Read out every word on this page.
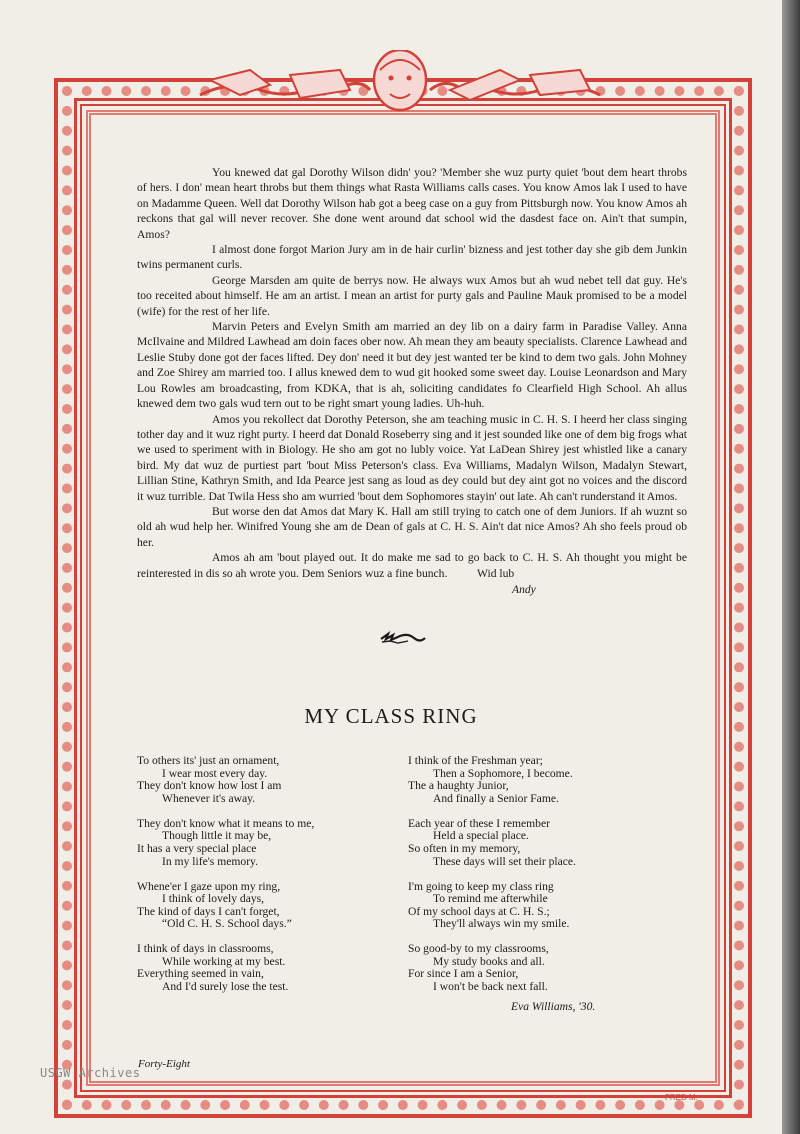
You knewed dat gal Dorothy Wilson didn' you? 'Member she wuz purty quiet 'bout dem heart throbs of hers. I don' mean heart throbs but them things what Rasta Williams calls cases. You know Amos lak I used to have on Madamme Queen. Well dat Dorothy Wilson hab got a beeg case on a guy from Pittsburgh now. You know Amos ah reckons that gal will never recover. She done went around dat school wid the dasdest face on. Ain't that sumpin, Amos?

I almost done forgot Marion Jury am in de hair curlin' bizness and jest tother day she gib dem Junkin twins permanent curls.

George Marsden am quite de berrys now. He always wux Amos but ah wud nebet tell dat guy. He's too receited about himself. He am an artist. I mean an artist for purty gals and Pauline Mauk promised to be a model (wife) for the rest of her life.

Marvin Peters and Evelyn Smith am married an dey lib on a dairy farm in Paradise Valley. Anna McIlvaine and Mildred Lawhead am doin faces ober now. Ah mean they am beauty specialists. Clarence Lawhead and Leslie Stuby done got der faces lifted. Dey don' need it but dey jest wanted ter be kind to dem two gals. John Mohney and Zoe Shirey am married too. I allus knewed dem to wud git hooked some sweet day. Louise Leonardson and Mary Lou Rowles am broadcasting, from KDKA, that is ah, soliciting candidates fo Clearfield High School. Ah allus knewed dem two gals wud tern out to be right smart young ladies. Uh-huh.

Amos you rekollect dat Dorothy Peterson, she am teaching music in C. H. S. I heerd her class singing tother day and it wuz right purty. I heerd dat Donald Roseberry sing and it jest sounded like one of dem big frogs what we used to speriment with in Biology. He sho am got no lubly voice. Yat LaDean Shirey jest whistled like a canary bird. My dat wuz de purtiest part 'bout Miss Peterson's class. Eva Williams, Madalyn Wilson, Madalyn Stewart, Lillian Stine, Kathryn Smith, and Ida Pearce jest sang as loud as dey could but dey aint got no voices and the discord it wuz turrible. Dat Twila Hess sho am wurried 'bout dem Sophomores stayin' out late. Ah can't runderstand it Amos.

But worse den dat Amos dat Mary K. Hall am still trying to catch one of dem Juniors. If ah wuznt so old ah wud help her. Winifred Young she am de Dean of gals at C. H. S. Ain't dat nice Amos? Ah sho feels proud ob her.

Amos ah am 'bout played out. It do make me sad to go back to C. H. S. Ah thought you might be reinterested in dis so ah wrote you. Dem Seniors wuz a fine bunch.	Wid lub
Andy
MY CLASS RING
To others its' just an ornament,
I wear most every day.
They don't know how lost I am
Whenever it's away.
They don't know what it means to me,
Though little it may be,
It has a very special place
In my life's memory.
Whene'er I gaze upon my ring,
I think of lovely days,
The kind of days I can't forget,
“Old C. H. S. School days.”
I think of days in classrooms,
While working at my best.
Everything seemed in vain,
And I'd surely lose the test.
I think of the Freshman year;
Then a Sophomore, I become.
The a haughty Junior,
And finally a Senior Fame.
Each year of these I remember
Held a special place.
So often in my memory,
These days will set their place.
I'm going to keep my class ring
To remind me afterwhile
Of my school days at C. H. S.;
They'll always win my smile.
So good-by to my classrooms,
My study books and all.
For since I am a Senior,
I won't be back next fall.
Eva Williams, '30.
Forty-Eight
USGW Archives
FRED M.
